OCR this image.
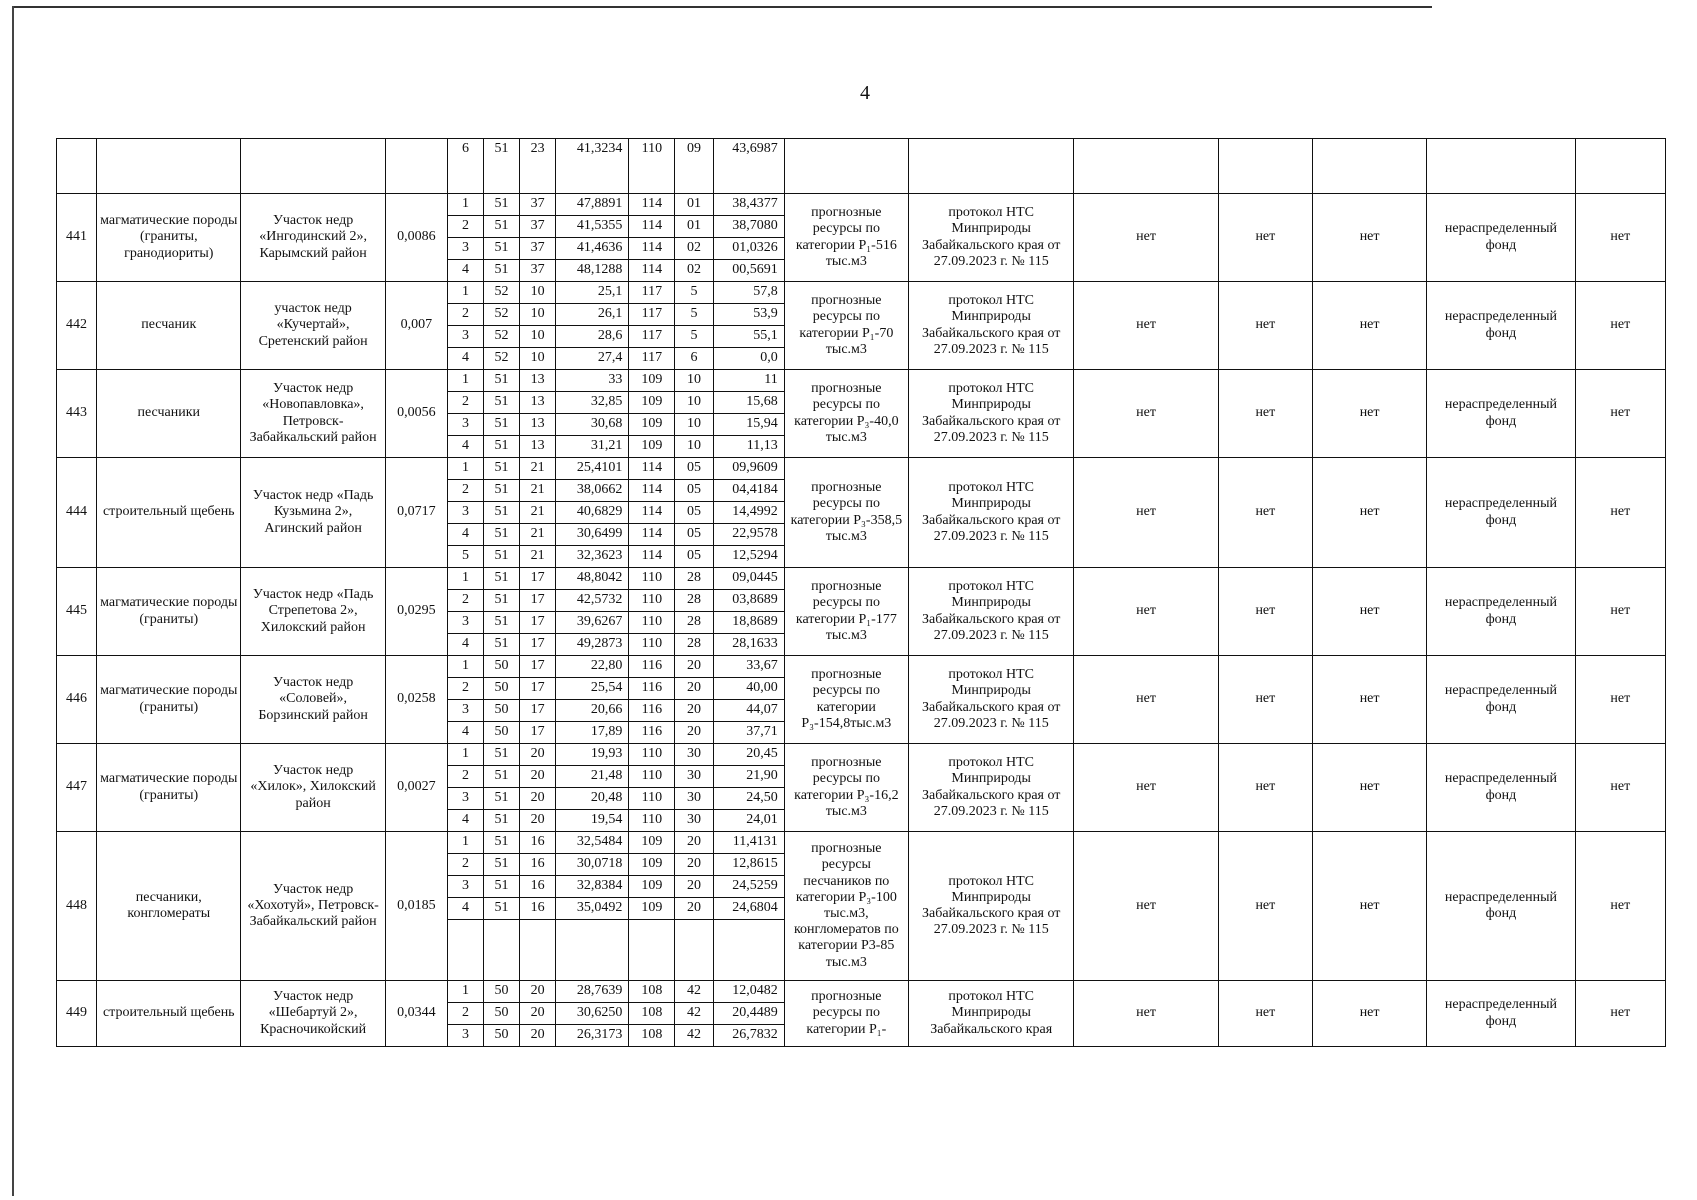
4
				6	51	23	41,3234	110	09	43,6987							
441	магматические породы (граниты, гранодиориты)	Участок недр «Ингодинский 2», Карымский район	0,0086	1	51	37	47,8891	114	01	38,4377	прогнозные ресурсы по категории P₁-516 тыс.м3	протокол НТС Минприроды Забайкальского края от 27.09.2023 г. № 115	нет	нет	нет	нераспределенный фонд	нет
				2	51	37	41,5355	114	01	38,7080							
				3	51	37	41,4636	114	02	01,0326							
				4	51	37	48,1288	114	02	00,5691							
442	песчаник	участок недр «Кучертай», Сретенский район	0,007	1	52	10	25,1	117	5	57,8	прогнозные ресурсы по категории P₁-70 тыс.м3	протокол НТС Минприроды Забайкальского края от 27.09.2023 г. № 115	нет	нет	нет	нераспределенный фонд	нет
				2	52	10	26,1	117	5	53,9							
				3	52	10	28,6	117	5	55,1							
				4	52	10	27,4	117	6	0,0							
443	песчаники	Участок недр «Новопавловка», Петровск-Забайкальский район	0,0056	1	51	13	33	109	10	11	прогнозные ресурсы по категории P₃-40,0 тыс.м3	протокол НТС Минприроды Забайкальского края от 27.09.2023 г. № 115	нет	нет	нет	нераспределенный фонд	нет
				2	51	13	32,85	109	10	15,68							
				3	51	13	30,68	109	10	15,94							
				4	51	13	31,21	109	10	11,13							
444	строительный щебень	Участок недр «Падь Кузьмина 2», Агинский район	0,0717	1	51	21	25,4101	114	05	09,9609	прогнозные ресурсы по категории P₃-358,5 тыс.м3	протокол НТС Минприроды Забайкальского края от 27.09.2023 г. № 115	нет	нет	нет	нераспределенный фонд	нет
				2	51	21	38,0662	114	05	04,4184							
				3	51	21	40,6829	114	05	14,4992							
				4	51	21	30,6499	114	05	22,9578							
				5	51	21	32,3623	114	05	12,5294							
445	магматические породы (граниты)	Участок недр «Падь Стрепетова 2», Хилокский район	0,0295	1	51	17	48,8042	110	28	09,0445	прогнозные ресурсы по категории P₁-177 тыс.м3	протокол НТС Минприроды Забайкальского края от 27.09.2023 г. № 115	нет	нет	нет	нераспределенный фонд	нет
				2	51	17	42,5732	110	28	03,8689							
				3	51	17	39,6267	110	28	18,8689							
				4	51	17	49,2873	110	28	28,1633							
446	магматические породы (граниты)	Участок недр «Соловей», Борзинский район	0,0258	1	50	17	22,80	116	20	33,67	прогнозные ресурсы по категории P₃-154,8тыс.м3	протокол НТС Минприроды Забайкальского края от 27.09.2023 г. № 115	нет	нет	нет	нераспределенный фонд	нет
				2	50	17	25,54	116	20	40,00							
				3	50	17	20,66	116	20	44,07							
				4	50	17	17,89	116	20	37,71							
447	магматические породы (граниты)	Участок недр «Хилок», Хилокский район	0,0027	1	51	20	19,93	110	30	20,45	прогнозные ресурсы по категории P₃-16,2 тыс.м3	протокол НТС Минприроды Забайкальского края от 27.09.2023 г. № 115	нет	нет	нет	нераспределенный фонд	нет
				2	51	20	21,48	110	30	21,90							
				3	51	20	20,48	110	30	24,50							
				4	51	20	19,54	110	30	24,01							
448	песчаники, конгломераты	Участок недр «Хохотуй», Петровск-Забайкальский район	0,0185	1	51	16	32,5484	109	20	11,4131	прогнозные ресурсы песчаников по категории P₃-100 тыс.м3, конгломератов по категории P3-85 тыс.м3	протокол НТС Минприроды Забайкальского края от 27.09.2023 г. № 115	нет	нет	нет	нераспределенный фонд	нет
				2	51	16	30,0718	109	20	12,8615							
				3	51	16	32,8384	109	20	24,5259							
				4	51	16	35,0492	109	20	24,6804							

449	строительный щебень	Участок недр «Шебартуй 2», Красночикойский	0,0344	1	50	20	28,7639	108	42	12,0482	прогнозные ресурсы по категории P₁-	протокол НТС Минприроды Забайкальского края	нет	нет	нет	нераспределенный фонд	нет
				2	50	20	30,6250	108	42	20,4489							
				3	50	20	26,3173	108	42	26,7832							
